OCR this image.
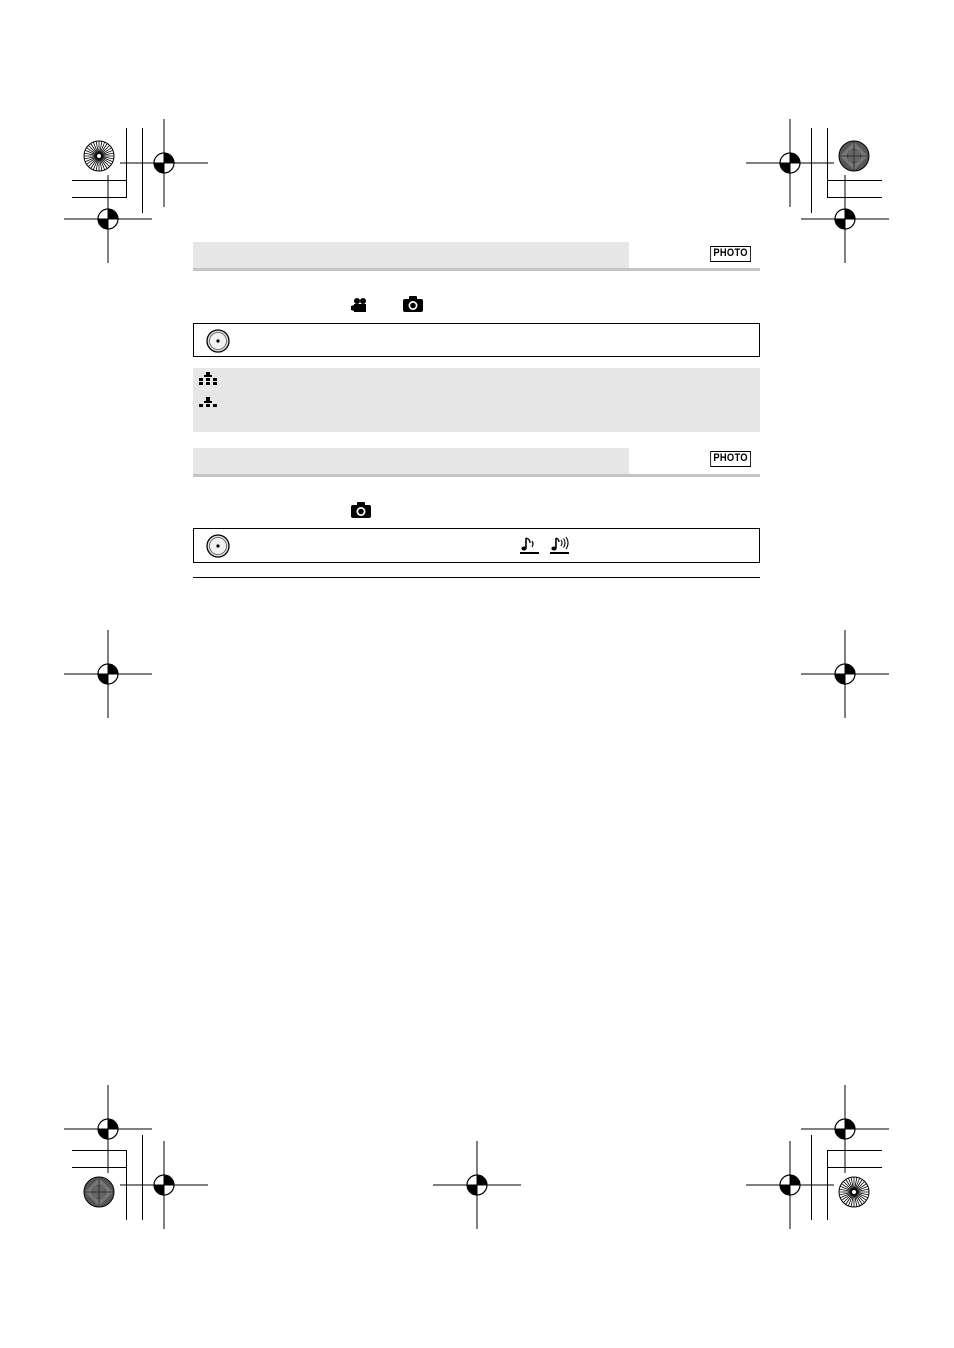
PHOTO
PHOTO
